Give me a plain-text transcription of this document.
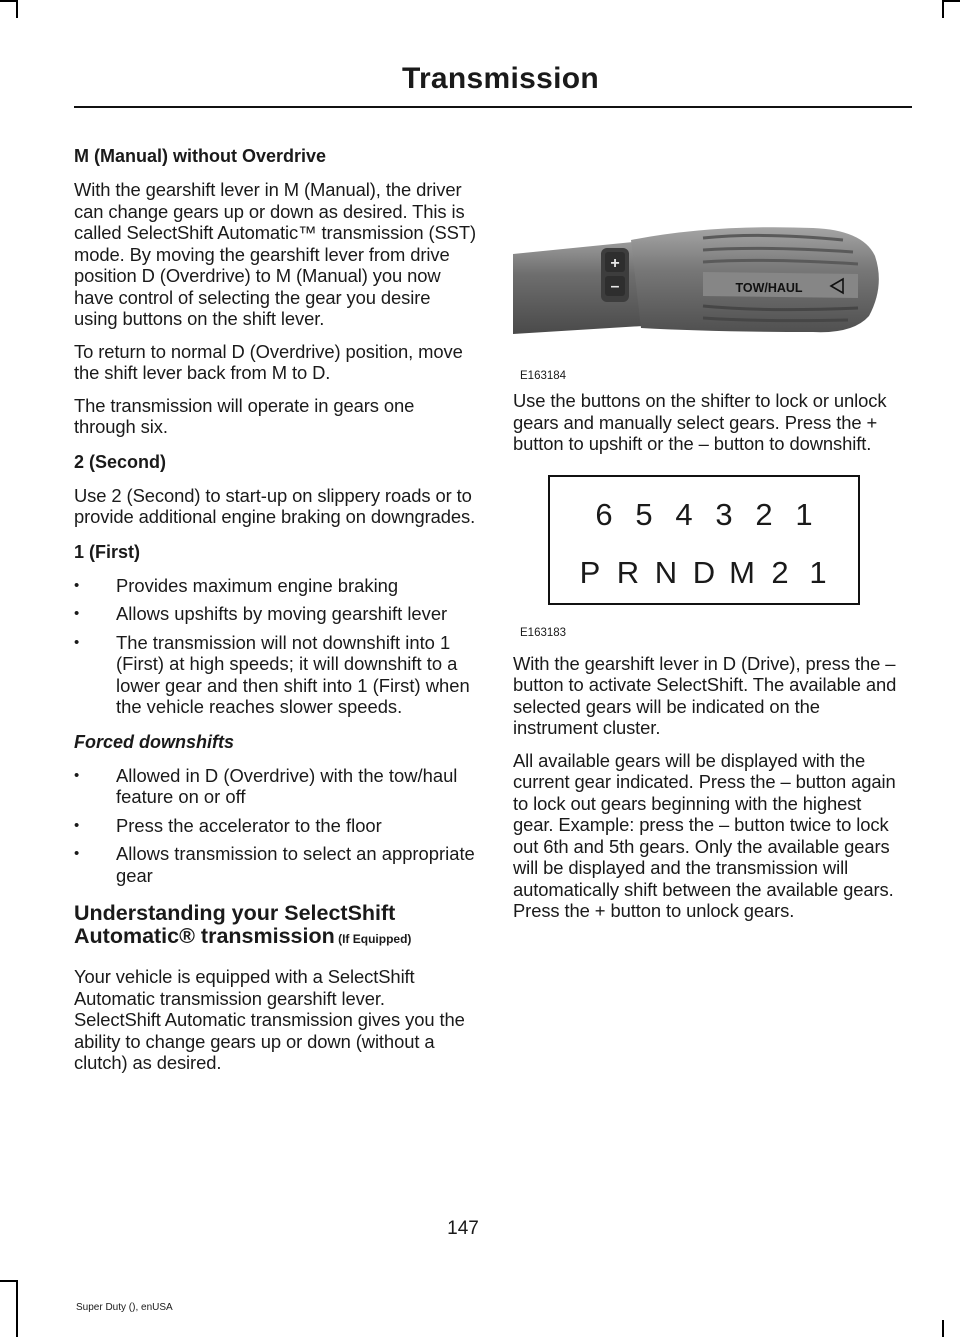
Transmission
M (Manual) without Overdrive

With the gearshift lever in M (Manual), the driver can change gears up or down as desired. This is called SelectShift Automatic™ transmission (SST) mode. By moving the gearshift lever from drive position D (Overdrive) to M (Manual) you now have control of selecting the gear you desire using buttons on the shift lever.

To return to normal D (Overdrive) position, move the shift lever back from M to D.

The transmission will operate in gears one through six.

2 (Second)

Use 2 (Second) to start-up on slippery roads or to provide additional engine braking on downgrades.

1 (First)
• Provides maximum engine braking
• Allows upshifts by moving gearshift lever
• The transmission will not downshift into 1 (First) at high speeds; it will downshift to a lower gear and then shift into 1 (First) when the vehicle reaches slower speeds.
Forced downshifts
• Allowed in D (Overdrive) with the tow/haul feature on or off
• Press the accelerator to the floor
• Allows transmission to select an appropriate gear
Understanding your SelectShift Automatic® transmission (If Equipped)

Your vehicle is equipped with a SelectShift Automatic transmission gearshift lever. SelectShift Automatic transmission gives you the ability to change gears up or down (without a clutch) as desired.

+
–	TOW/HAUL
E163184

Use the buttons on the shifter to lock or unlock gears and manually select gears. Press the + button to upshift or the – button to downshift.

6 5 4 3 2 1
P R N D M 2 1
E163183

With the gearshift lever in D (Drive), press the – button to activate SelectShift. The available and selected gears will be indicated on the instrument cluster.

All available gears will be displayed with the current gear indicated. Press the – button again to lock out gears beginning with the highest gear. Example: press the – button twice to lock out 6th and 5th gears. Only the available gears will be displayed and the transmission will automatically shift between the available gears. Press the + button to unlock gears.

147
Super Duty (), enUSA
